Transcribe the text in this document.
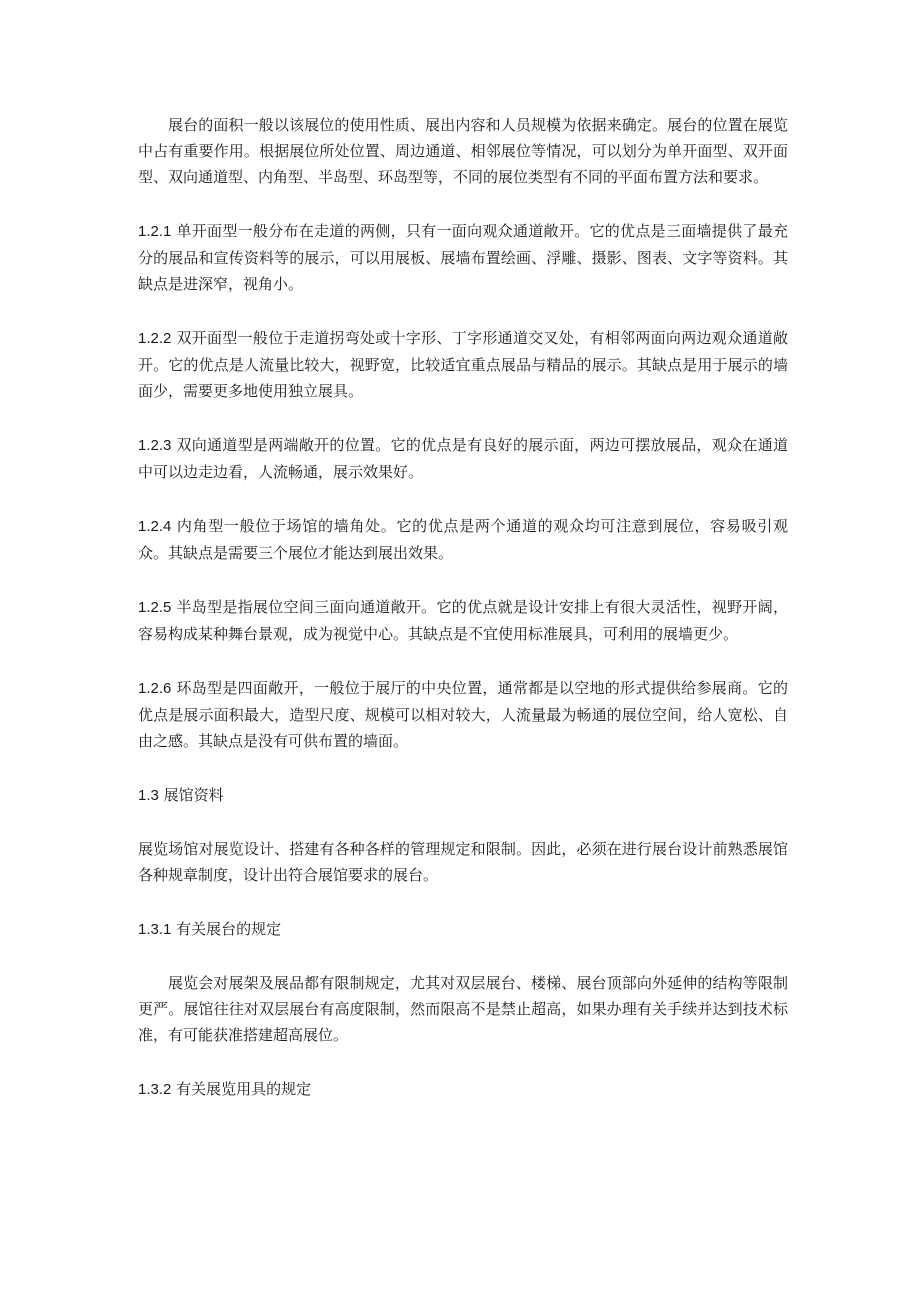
展台的面积一般以该展位的使用性质、展出内容和人员规模为依据来确定。展台的位置在展览中占有重要作用。根据展位所处位置、周边通道、相邻展位等情况，可以划分为单开面型、双开面型、双向通道型、内角型、半岛型、环岛型等，不同的展位类型有不同的平面布置方法和要求。

1.2.1 单开面型一般分布在走道的两侧，只有一面向观众通道敞开。它的优点是三面墙提供了最充分的展品和宣传资料等的展示，可以用展板、展墙布置绘画、浮雕、摄影、图表、文字等资料。其缺点是进深窄，视角小。

1.2.2 双开面型一般位于走道拐弯处或十字形、丁字形通道交叉处，有相邻两面向两边观众通道敞开。它的优点是人流量比较大，视野宽，比较适宜重点展品与精品的展示。其缺点是用于展示的墙面少，需要更多地使用独立展具。

1.2.3 双向通道型是两端敞开的位置。它的优点是有良好的展示面，两边可摆放展品，观众在通道中可以边走边看，人流畅通，展示效果好。

1.2.4 内角型一般位于场馆的墙角处。它的优点是两个通道的观众均可注意到展位，容易吸引观众。其缺点是需要三个展位才能达到展出效果。

1.2.5 半岛型是指展位空间三面向通道敞开。它的优点就是设计安排上有很大灵活性，视野开阔，容易构成某种舞台景观，成为视觉中心。其缺点是不宜使用标准展具，可利用的展墙更少。

1.2.6 环岛型是四面敞开，一般位于展厅的中央位置，通常都是以空地的形式提供给参展商。它的优点是展示面积最大，造型尺度、规模可以相对较大，人流量最为畅通的展位空间，给人宽松、自由之感。其缺点是没有可供布置的墙面。

1.3 展馆资料

展览场馆对展览设计、搭建有各种各样的管理规定和限制。因此，必须在进行展台设计前熟悉展馆各种规章制度，设计出符合展馆要求的展台。

1.3.1 有关展台的规定

展览会对展架及展品都有限制规定，尤其对双层展台、楼梯、展台顶部向外延伸的结构等限制更严。展馆往往对双层展台有高度限制，然而限高不是禁止超高，如果办理有关手续并达到技术标准，有可能获准搭建超高展位。

1.3.2 有关展览用具的规定
